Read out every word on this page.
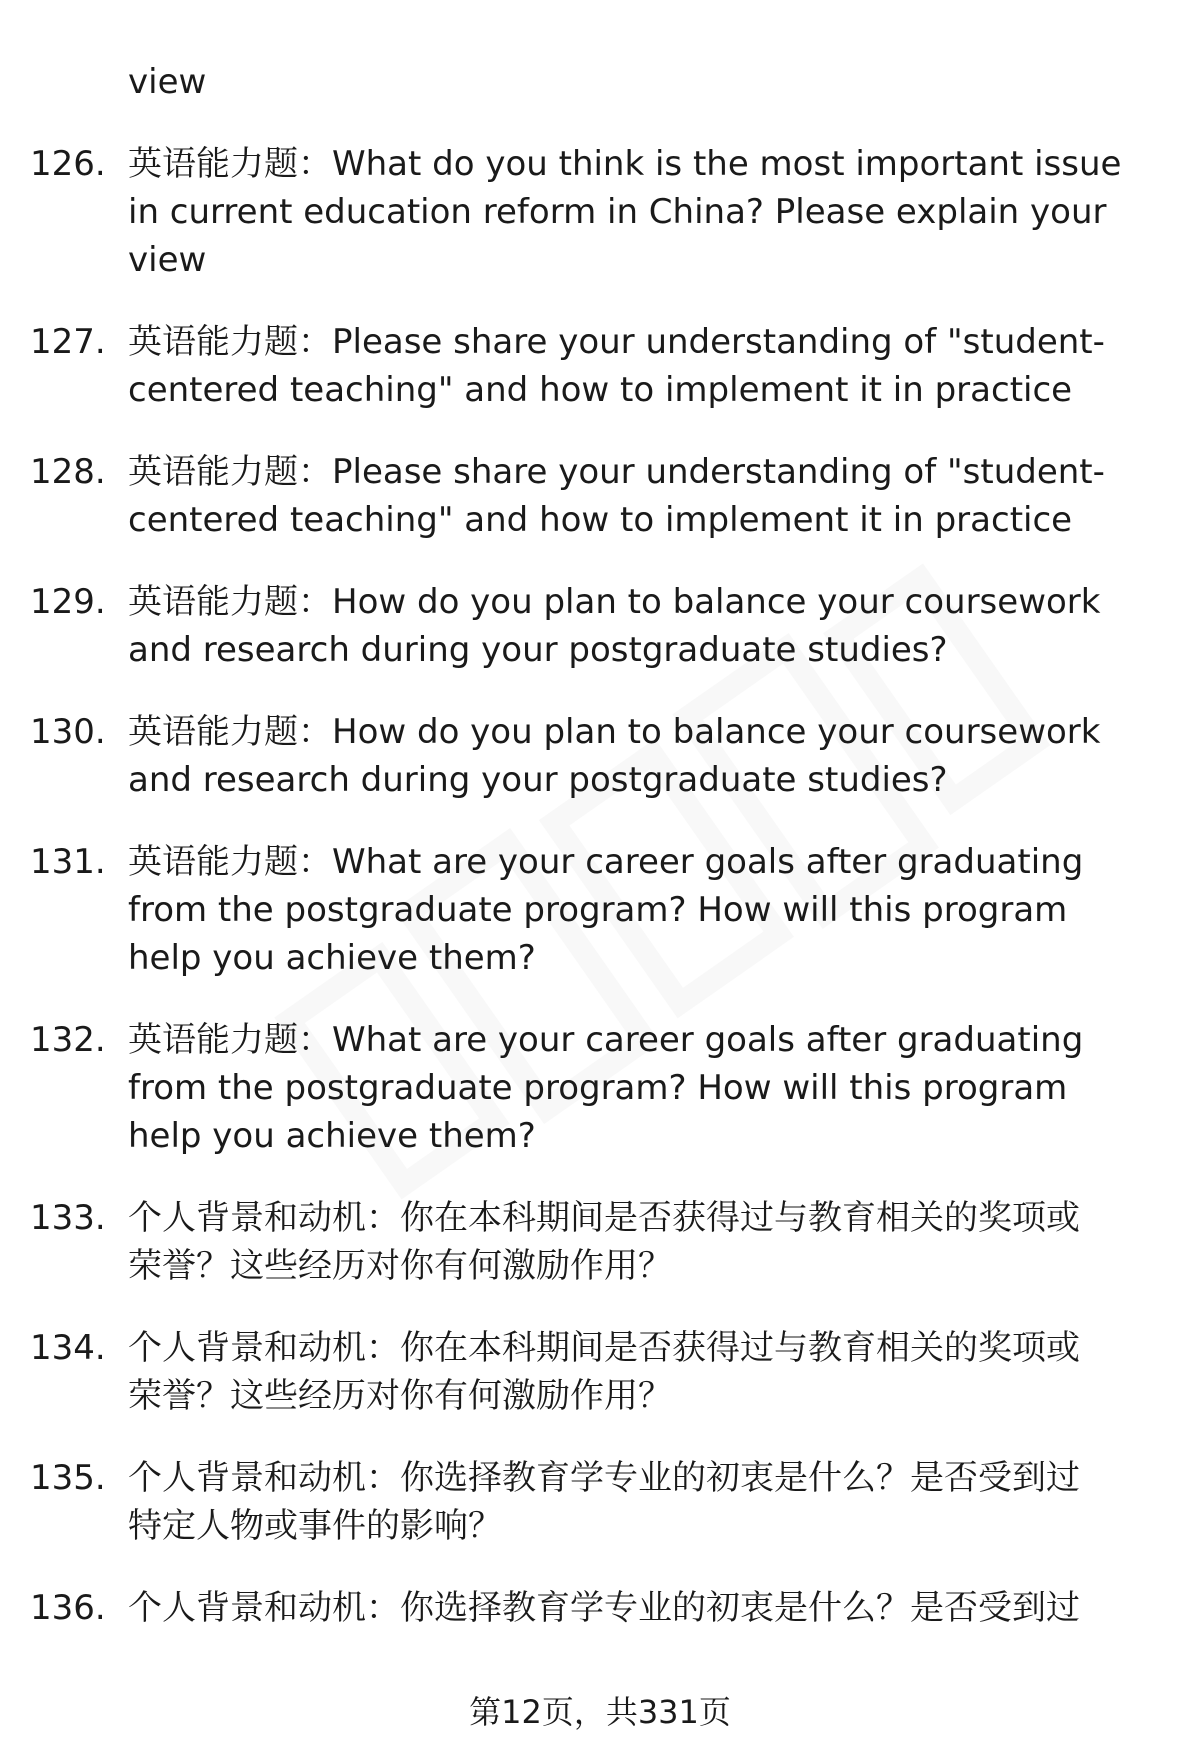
view

126. 英语能力题：What do you think is the most important issue
in current education reform in China? Please explain your
view
127. 英语能力题：Please share your understanding of "student-
centered teaching" and how to implement it in practice
128. 英语能力题：Please share your understanding of "student-
centered teaching" and how to implement it in practice
129. 英语能力题：How do you plan to balance your coursework
and research during your postgraduate studies?
130. 英语能力题：How do you plan to balance your coursework
and research during your postgraduate studies?
131. 英语能力题：What are your career goals after graduating
from the postgraduate program? How will this program
help you achieve them?
132. 英语能力题：What are your career goals after graduating
from the postgraduate program? How will this program
help you achieve them?
133. 个人背景和动机：你在本科期间是否获得过与教育相关的奖项或
荣誉？这些经历对你有何激励作用？
134. 个人背景和动机：你在本科期间是否获得过与教育相关的奖项或
荣誉？这些经历对你有何激励作用？
135. 个人背景和动机：你选择教育学专业的初衷是什么？是否受到过
特定人物或事件的影响？
136. 个人背景和动机：你选择教育学专业的初衷是什么？是否受到过
第12页，共331页
